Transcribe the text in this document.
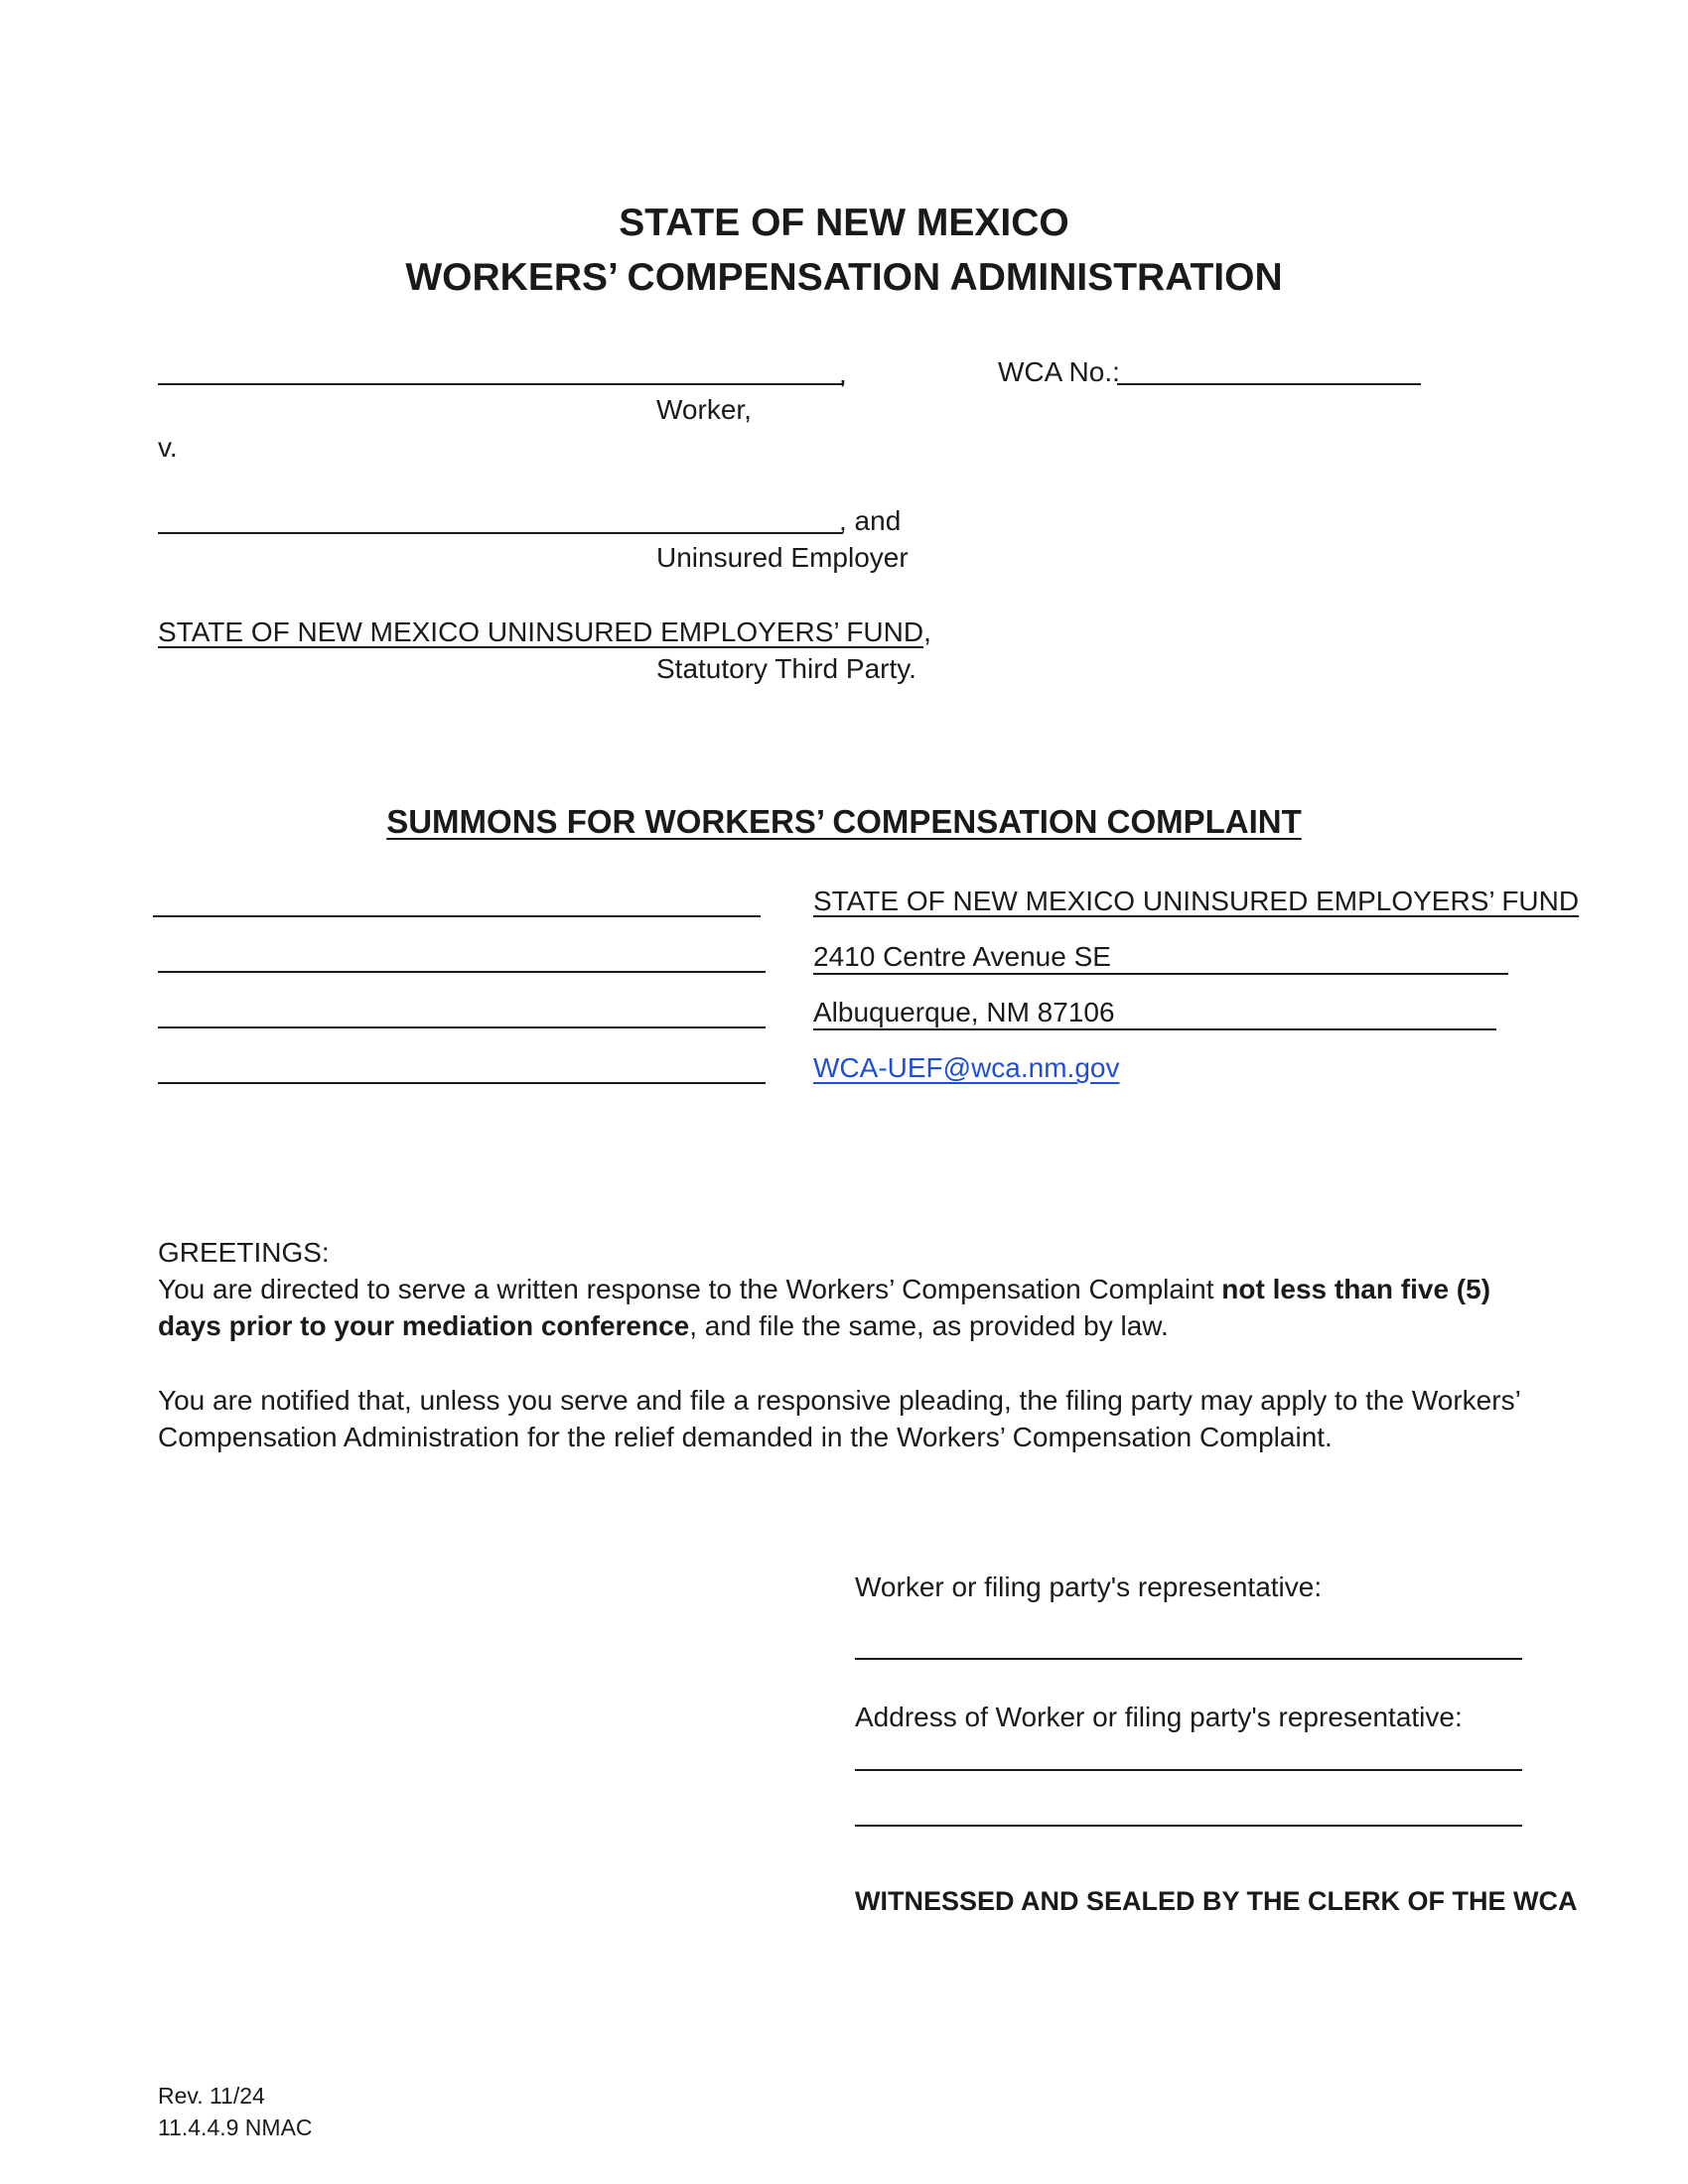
STATE OF NEW MEXICO
WORKERS’ COMPENSATION ADMINISTRATION
,
Worker,
WCA No.:
v.
, and
Uninsured Employer
STATE OF NEW MEXICO UNINSURED EMPLOYERS’ FUND,
Statutory Third Party.
SUMMONS FOR WORKERS’ COMPENSATION COMPLAINT
STATE OF NEW MEXICO UNINSURED EMPLOYERS’ FUND
2410 Centre Avenue SE
Albuquerque, NM 87106
WCA-UEF@wca.nm.gov
GREETINGS:
You are directed to serve a written response to the Workers’ Compensation Complaint not less than five (5) days prior to your mediation conference, and file the same, as provided by law.
You are notified that, unless you serve and file a responsive pleading, the filing party may apply to the Workers’ Compensation Administration for the relief demanded in the Workers’ Compensation Complaint.
Worker or filing party's representative:
Address of Worker or filing party's representative:
WITNESSED AND SEALED BY THE CLERK OF THE WCA
Rev. 11/24
11.4.4.9 NMAC
